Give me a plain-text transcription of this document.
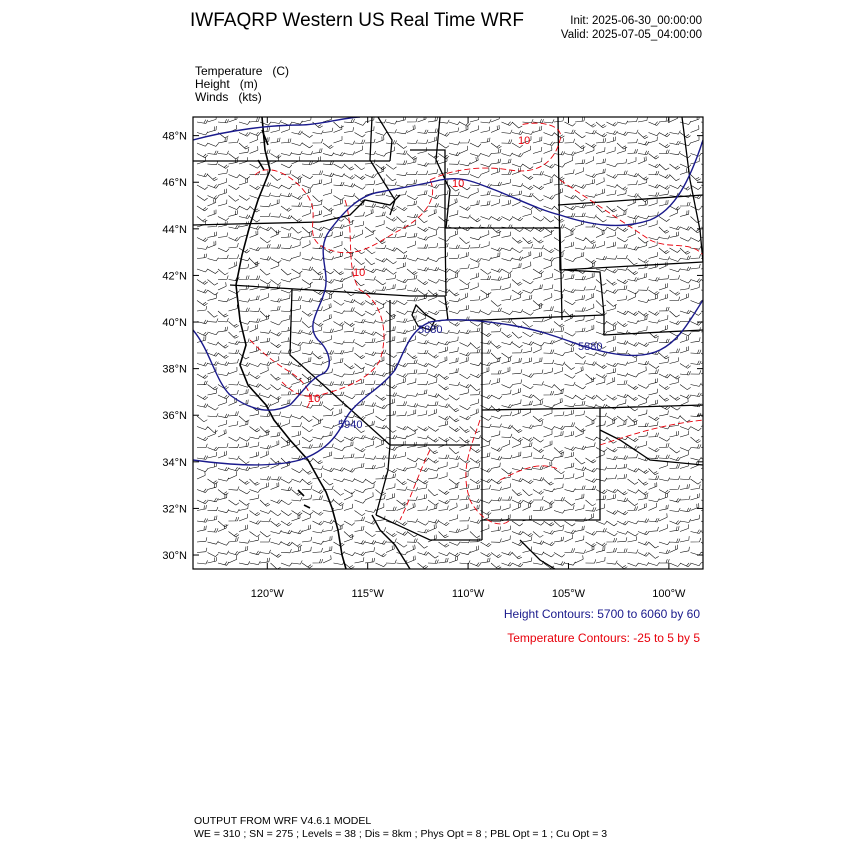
IWFAQRP Western US Real Time WRF	Init: 2025-06-30_00:00:00
Valid: 2025-07-05_04:00:00
Temperature (C)
Height (m)
Winds (kts)
5940
5880
5880
10
10
10
10
48°N
46°N
44°N
42°N
40°N
38°N
36°N
34°N
32°N
30°N
120°W	115°W	110°W	105°W	100°W
Height Contours: 5700 to 6060 by 60
Temperature Contours: -25 to 5 by 5
OUTPUT FROM WRF V4.6.1 MODEL
WE = 310 ; SN = 275 ; Levels = 38 ; Dis = 8km ; Phys Opt = 8 ; PBL Opt = 1 ; Cu Opt = 3
